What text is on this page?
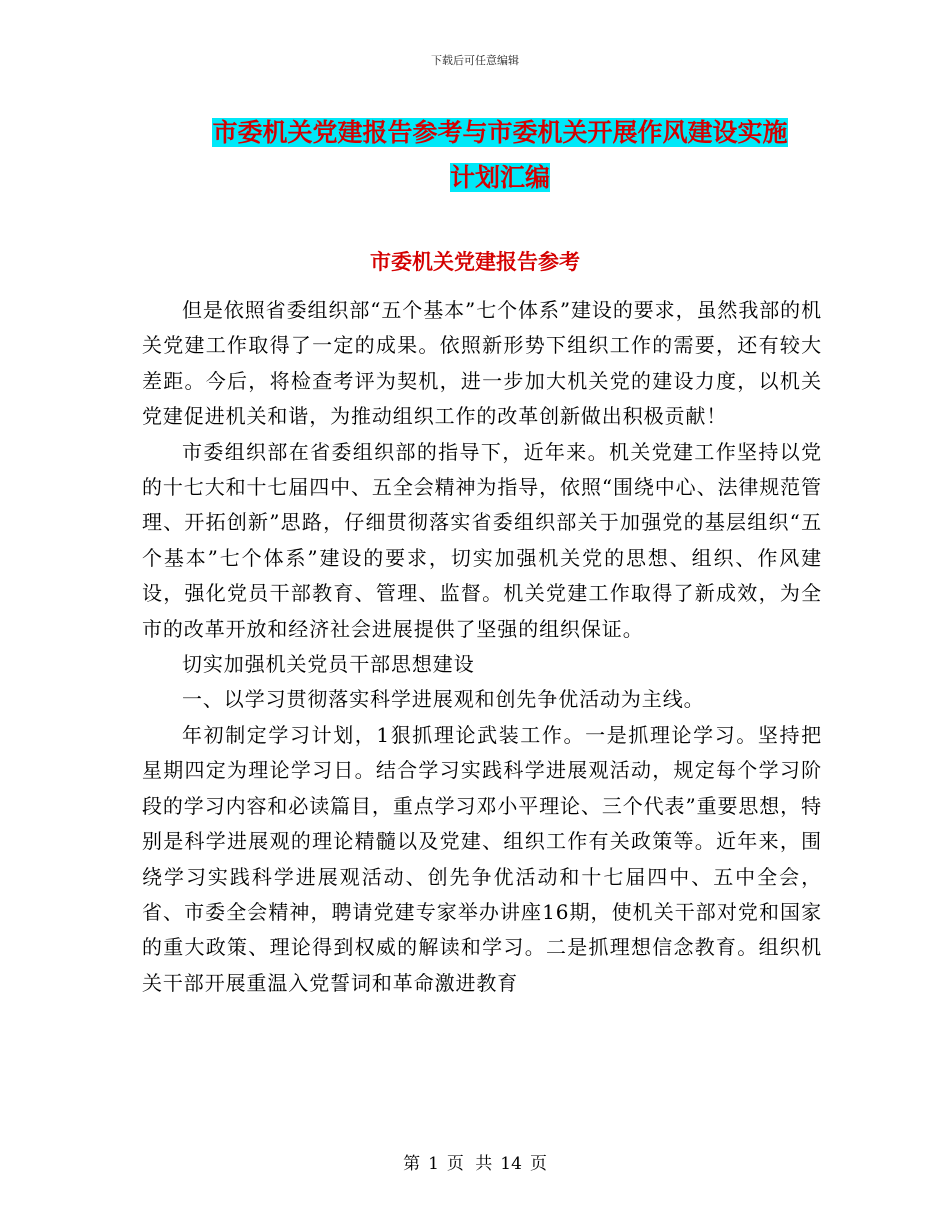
下载后可任意编辑
市委机关党建报告参考与市委机关开展作风建设实施
计划汇编
市委机关党建报告参考

但是依照省委组织部“五个基本”七个体系”建设的要求，虽然我部的机关党建工作取得了一定的成果。依照新形势下组织工作的需要，还有较大差距。今后，将检查考评为契机，进一步加大机关党的建设力度，以机关党建促进机关和谐，为推动组织工作的改革创新做出积极贡献！

市委组织部在省委组织部的指导下，近年来。机关党建工作坚持以党的十七大和十七届四中、五全会精神为指导，依照“围绕中心、法律规范管理、开拓创新”思路，仔细贯彻落实省委组织部关于加强党的基层组织“五个基本”七个体系”建设的要求，切实加强机关党的思想、组织、作风建设，强化党员干部教育、管理、监督。机关党建工作取得了新成效，为全市的改革开放和经济社会进展提供了坚强的组织保证。

切实加强机关党员干部思想建设

一、以学习贯彻落实科学进展观和创先争优活动为主线。

年初制定学习计划，1狠抓理论武装工作。一是抓理论学习。坚持把星期四定为理论学习日。结合学习实践科学进展观活动，规定每个学习阶段的学习内容和必读篇目，重点学习邓小平理论、三个代表”重要思想，特别是科学进展观的理论精髓以及党建、组织工作有关政策等。近年来，围绕学习实践科学进展观活动、创先争优活动和十七届四中、五中全会，省、市委全会精神，聘请党建专家举办讲座16期，使机关干部对党和国家的重大政策、理论得到权威的解读和学习。二是抓理想信念教育。组织机关干部开展重温入党誓词和革命激进教育

第 1 页 共 14 页
